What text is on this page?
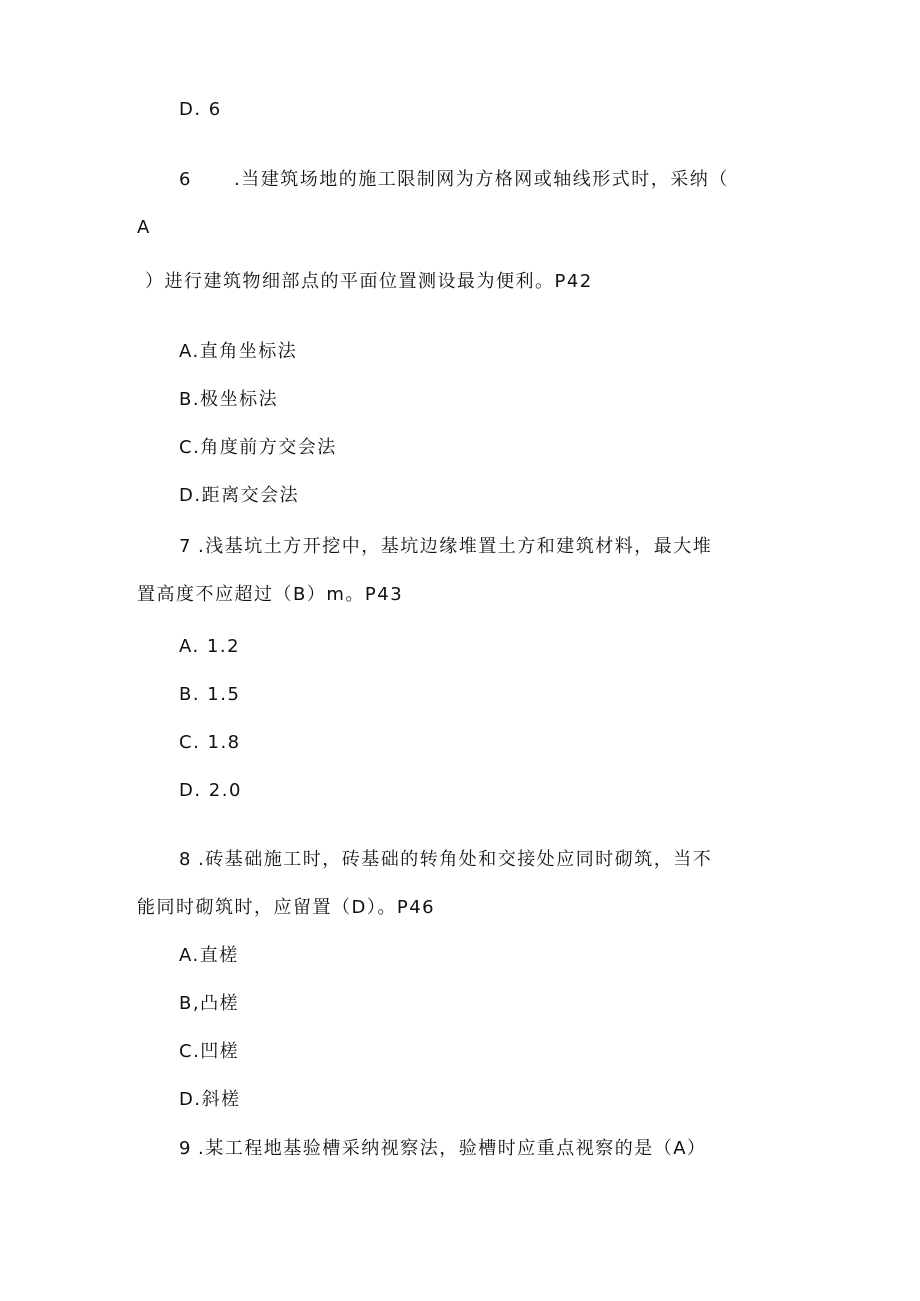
D. 6
6 .当建筑场地的施工限制网为方格网或轴线形式时，采纳（
A
）进行建筑物细部点的平面位置测设最为便利。P42
A.直角坐标法
B.极坐标法
C.角度前方交会法
D.距离交会法
7 .浅基坑土方开挖中，基坑边缘堆置土方和建筑材料，最大堆
置高度不应超过（B）m。P43
A. 1.2
B. 1.5
C. 1.8
D. 2.0
8 .砖基础施工时，砖基础的转角处和交接处应同时砌筑，当不
能同时砌筑时，应留置（D）。P46
A.直槎
B,凸槎
C.凹槎
D.斜槎
9 .某工程地基验槽采纳视察法，验槽时应重点视察的是（A）
